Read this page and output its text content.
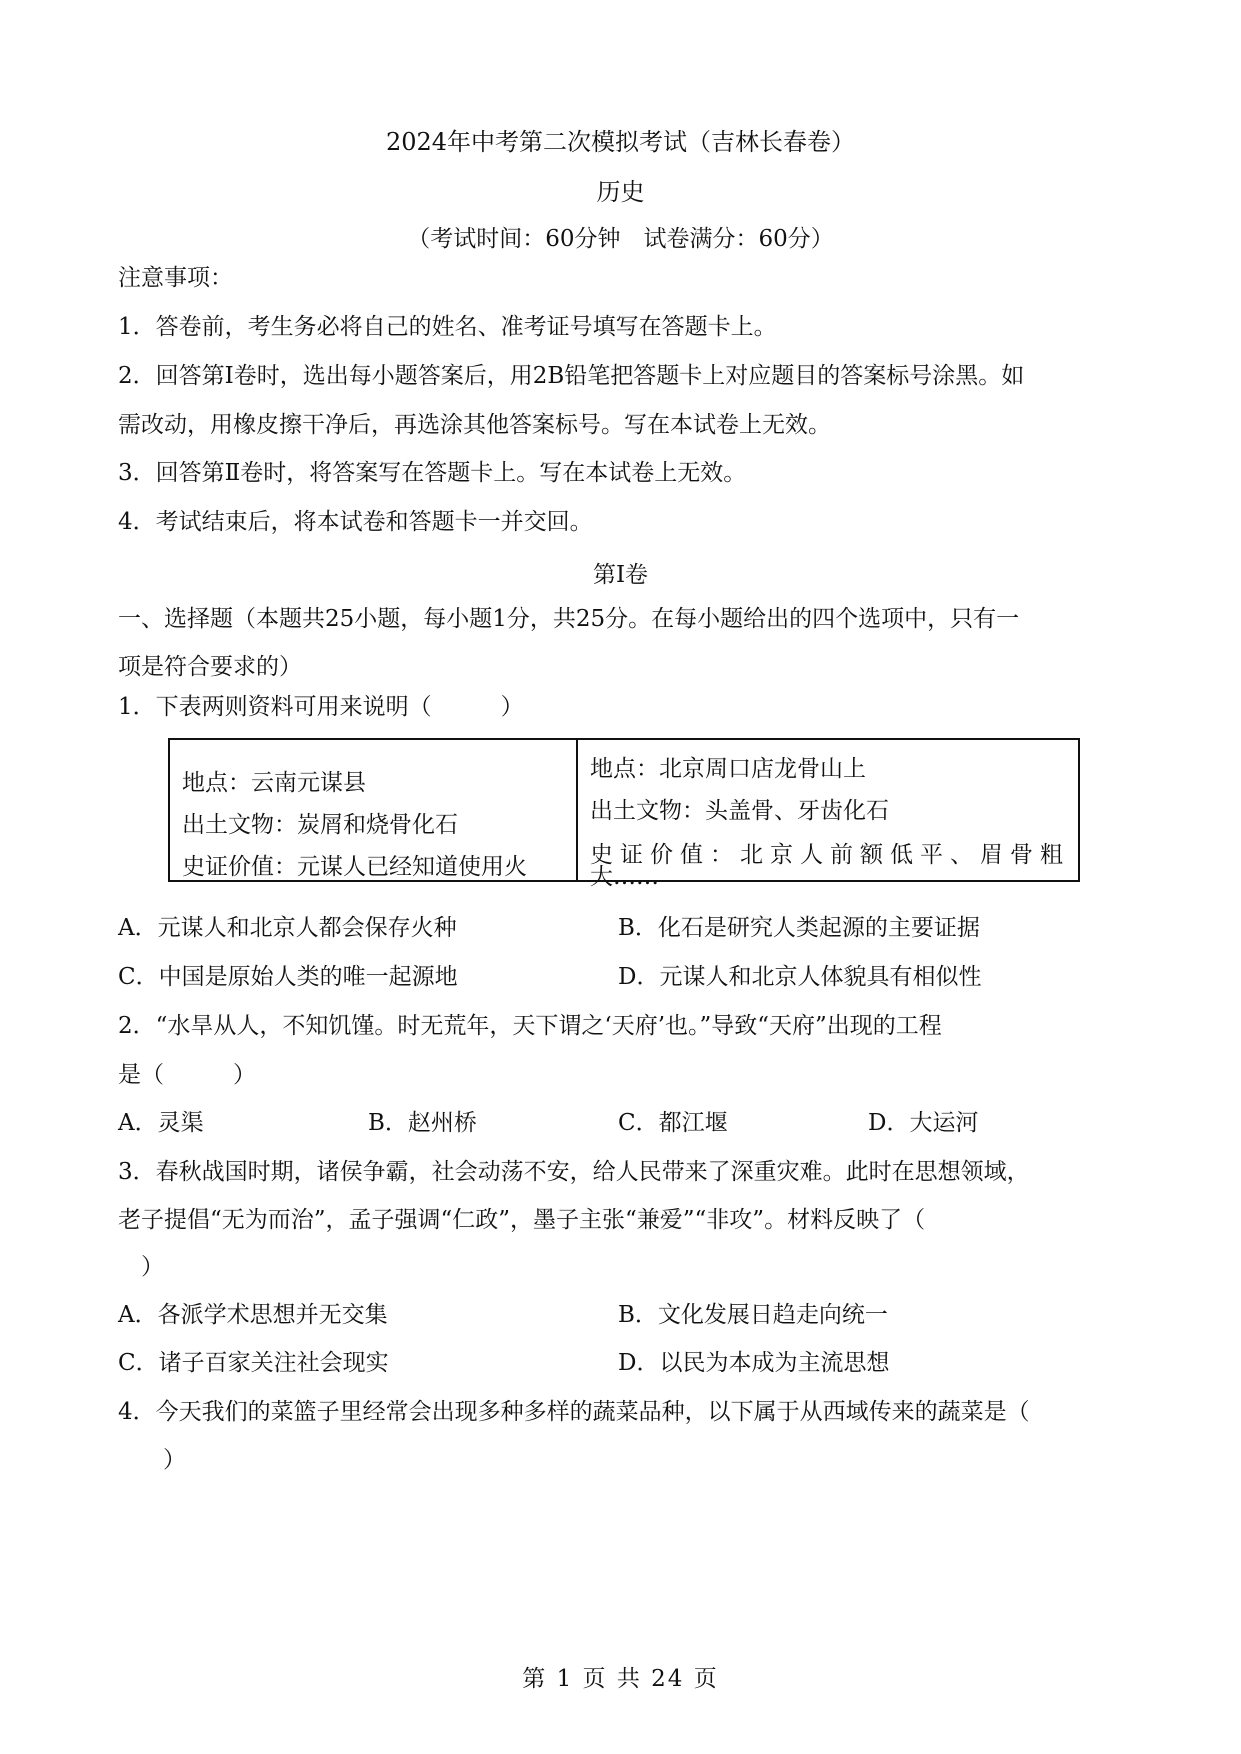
2024年中考第二次模拟考试（吉林长春卷）
历史
（考试时间：60分钟　试卷满分：60分）
注意事项：
1．答卷前，考生务必将自己的姓名、准考证号填写在答题卡上。
2．回答第Ⅰ卷时，选出每小题答案后，用2B铅笔把答题卡上对应题目的答案标号涂黑。如
需改动，用橡皮擦干净后，再选涂其他答案标号。写在本试卷上无效。
3．回答第Ⅱ卷时，将答案写在答题卡上。写在本试卷上无效。
4．考试结束后，将本试卷和答题卡一并交回。
第Ⅰ卷
一、选择题（本题共25小题，每小题1分，共25分。在每小题给出的四个选项中，只有一
项是符合要求的）
1．下表两则资料可用来说明（　　　）
地点：云南元谋县
出土文物：炭屑和烧骨化石
史证价值：元谋人已经知道使用火

地点：北京周口店龙骨山上
出土文物：头盖骨、牙齿化石
史证价值：北京人前额低平、眉骨粗
大……
A．元谋人和北京人都会保存火种	B．化石是研究人类起源的主要证据
C．中国是原始人类的唯一起源地	D．元谋人和北京人体貌具有相似性
2．“水旱从人，不知饥馑。时无荒年，天下谓之‘天府’也。”导致“天府”出现的工程
是（　　　）
A．灵渠	B．赵州桥	C．都江堰	D．大运河
3．春秋战国时期，诸侯争霸，社会动荡不安，给人民带来了深重灾难。此时在思想领域，
老子提倡“无为而治”，孟子强调“仁政”，墨子主张“兼爱”“非攻”。材料反映了（
　）
A．各派学术思想并无交集	B．文化发展日趋走向统一
C．诸子百家关注社会现实	D．以民为本成为主流思想
4．今天我们的菜篮子里经常会出现多种多样的蔬菜品种，以下属于从西域传来的蔬菜是（
　）
第 1 页 共 24 页
